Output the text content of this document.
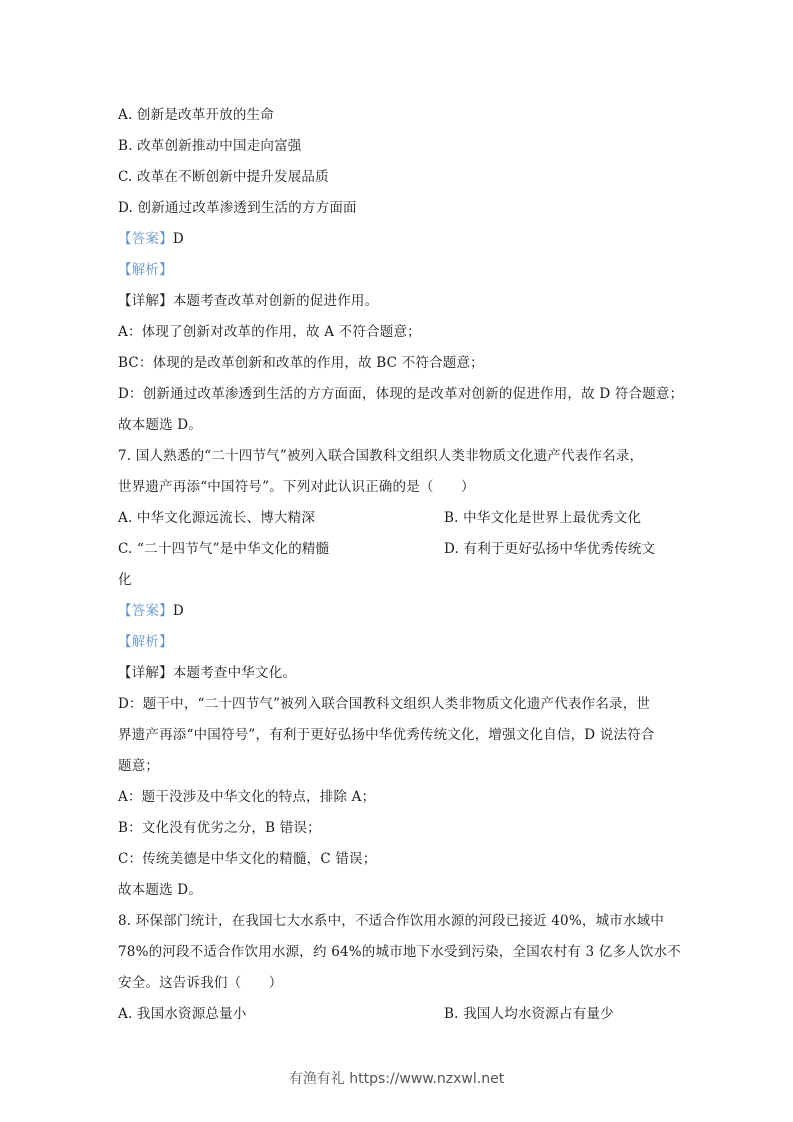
A. 创新是改革开放的生命
B. 改革创新推动中国走向富强
C. 改革在不断创新中提升发展品质
D. 创新通过改革渗透到生活的方方面面
【答案】D
【解析】
【详解】本题考查改革对创新的促进作用。
A：体现了创新对改革的作用，故 A 不符合题意；
BC：体现的是改革创新和改革的作用，故 BC 不符合题意；
D：创新通过改革渗透到生活的方方面面，体现的是改革对创新的促进作用，故 D 符合题意；
故本题选 D。
7. 国人熟悉的“二十四节气”被列入联合国教科文组织人类非物质文化遗产代表作名录，
世界遗产再添“中国符号”。下列对此认识正确的是（　　）
A. 中华文化源远流长、博大精深	B. 中华文化是世界上最优秀文化
C. “二十四节气”是中华文化的精髓	D. 有利于更好弘扬中华优秀传统文
化
【答案】D
【解析】
【详解】本题考查中华文化。
D：题干中，“二十四节气”被列入联合国教科文组织人类非物质文化遗产代表作名录，世
界遗产再添“中国符号”，有利于更好弘扬中华优秀传统文化，增强文化自信，D 说法符合
题意；
A：题干没涉及中华文化的特点，排除 A；
B：文化没有优劣之分，B 错误；
C：传统美德是中华文化的精髓，C 错误；
故本题选 D。
8. 环保部门统计，在我国七大水系中，不适合作饮用水源的河段已接近 40%，城市水域中
78%的河段不适合作饮用水源，约 64%的城市地下水受到污染，全国农村有 3 亿多人饮水不
安全。这告诉我们（　　）
A. 我国水资源总量小	B. 我国人均水资源占有量少
有渔有礼 https://www.nzxwl.net
